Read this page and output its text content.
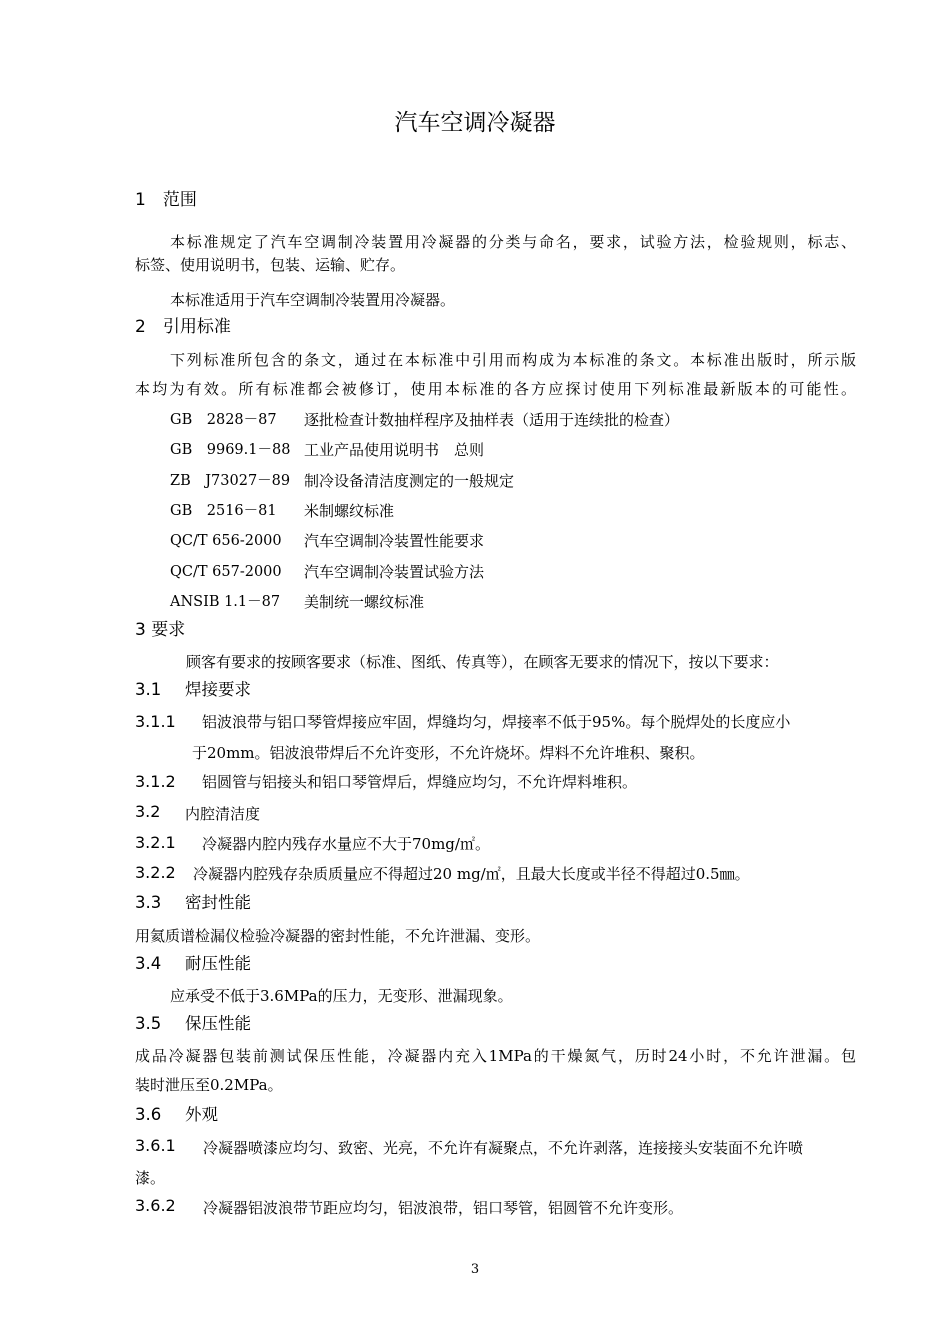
汽车空调冷凝器
1　范围
本标准规定了汽车空调制冷装置用冷凝器的分类与命名，要求，试验方法，检验规则，标志、
标签、使用说明书，包装、运输、贮存。
本标准适用于汽车空调制冷装置用冷凝器。
2　引用标准
下列标准所包含的条文，通过在本标准中引用而构成为本标准的条文。本标准出版时，所示版
本均为有效。所有标准都会被修订，使用本标准的各方应探讨使用下列标准最新版本的可能性。
GB　2828－87 逐批检查计数抽样程序及抽样表（适用于连续批的检查）
GB　9969.1－88 工业产品使用说明书　总则
ZB　J73027－89 制冷设备清洁度测定的一般规定
GB　2516－81 米制螺纹标准
QC/T 656-2000 汽车空调制冷装置性能要求
QC/T 657-2000 汽车空调制冷装置试验方法
ANSIB 1.1－87 美制统一螺纹标准
3 要求
顾客有要求的按顾客要求（标准、图纸、传真等），在顾客无要求的情况下，按以下要求：
3.1 焊接要求
3.1.1 铝波浪带与铝口琴管焊接应牢固，焊缝均匀，焊接率不低于95%。每个脱焊处的长度应小
于20mm。铝波浪带焊后不允许变形，不允许烧坏。焊料不允许堆积、聚积。
3.1.2 铝圆管与铝接头和铝口琴管焊后，焊缝应均匀，不允许焊料堆积。
3.2 内腔清洁度
3.2.1 冷凝器内腔内残存水量应不大于70mg/㎡。
3.2.2 冷凝器内腔残存杂质质量应不得超过20 mg/㎡，且最大长度或半径不得超过0.5㎜。
3.3 密封性能
用氦质谱检漏仪检验冷凝器的密封性能，不允许泄漏、变形。
3.4 耐压性能
应承受不低于3.6MPa的压力，无变形、泄漏现象。
3.5 保压性能
成品冷凝器包装前测试保压性能，冷凝器内充入1MPa的干燥氮气，历时24小时，不允许泄漏。包
装时泄压至0.2MPa。
3.6 外观
3.6.1 冷凝器喷漆应均匀、致密、光亮，不允许有凝聚点，不允许剥落，连接接头安装面不允许喷
漆。
3.6.2 冷凝器铝波浪带节距应均匀，铝波浪带，铝口琴管，铝圆管不允许变形。
3
